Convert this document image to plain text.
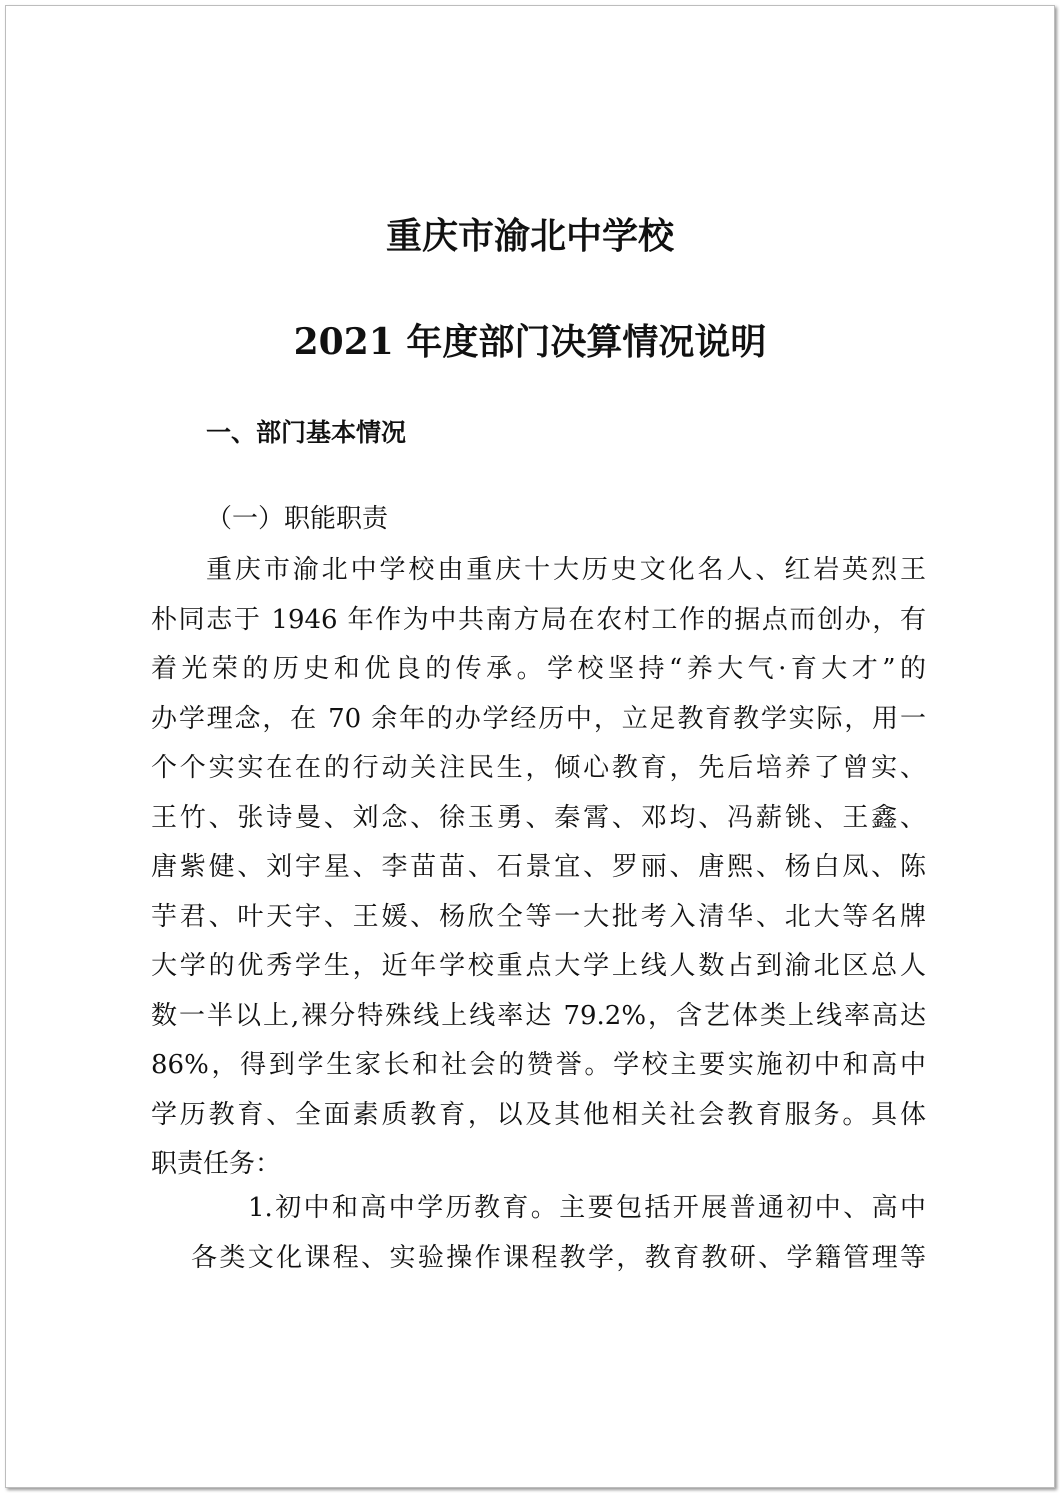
重庆市渝北中学校
2021 年度部门决算情况说明
一、部门基本情况
（一）职能职责
重庆市渝北中学校由重庆十大历史文化名人、红岩英烈王
朴同志于 1946 年作为中共南方局在农村工作的据点而创办，有
着光荣的历史和优良的传承。学校坚持“养大气·育大才”的
办学理念，在 70 余年的办学经历中，立足教育教学实际，用一
个个实实在在的行动关注民生，倾心教育，先后培养了曾实、
王竹、张诗曼、刘念、徐玉勇、秦霄、邓均、冯薪铫、王鑫、
唐紫健、刘宇星、李苗苗、石景宜、罗丽、唐熙、杨白凤、陈
芋君、叶天宇、王媛、杨欣仝等一大批考入清华、北大等名牌
大学的优秀学生，近年学校重点大学上线人数占到渝北区总人
数一半以上,裸分特殊线上线率达 79.2%，含艺体类上线率高达
86%，得到学生家长和社会的赞誉。学校主要实施初中和高中
学历教育、全面素质教育，以及其他相关社会教育服务。具体
职责任务：
1.初中和高中学历教育。主要包括开展普通初中、高中
各类文化课程、实验操作课程教学，教育教研、学籍管理等
